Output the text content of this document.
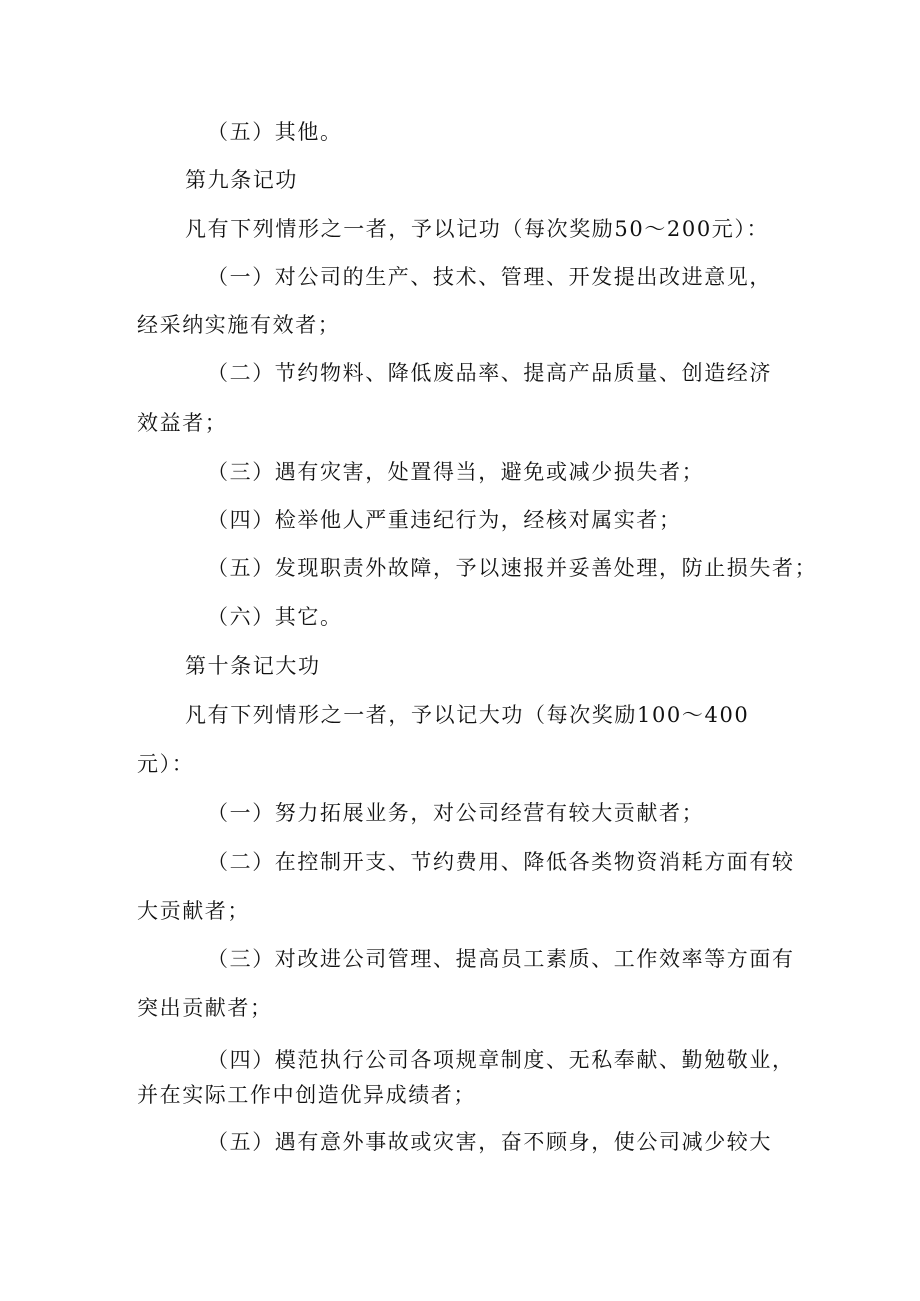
（五）其他。
第九条记功
凡有下列情形之一者，予以记功（每次奖励50～200元）：
（一）对公司的生产、技术、管理、开发提出改进意见，
经采纳实施有效者；
（二）节约物料、降低废品率、提高产品质量、创造经济
效益者；
（三）遇有灾害，处置得当，避免或减少损失者；
（四）检举他人严重违纪行为，经核对属实者；
（五）发现职责外故障，予以速报并妥善处理，防止损失者；
（六）其它。
第十条记大功
凡有下列情形之一者，予以记大功（每次奖励100～400
元）：
（一）努力拓展业务，对公司经营有较大贡献者；
（二）在控制开支、节约费用、降低各类物资消耗方面有较
大贡献者；
（三）对改进公司管理、提高员工素质、工作效率等方面有
突出贡献者；
（四）模范执行公司各项规章制度、无私奉献、勤勉敬业，
并在实际工作中创造优异成绩者；
（五）遇有意外事故或灾害，奋不顾身，使公司减少较大
